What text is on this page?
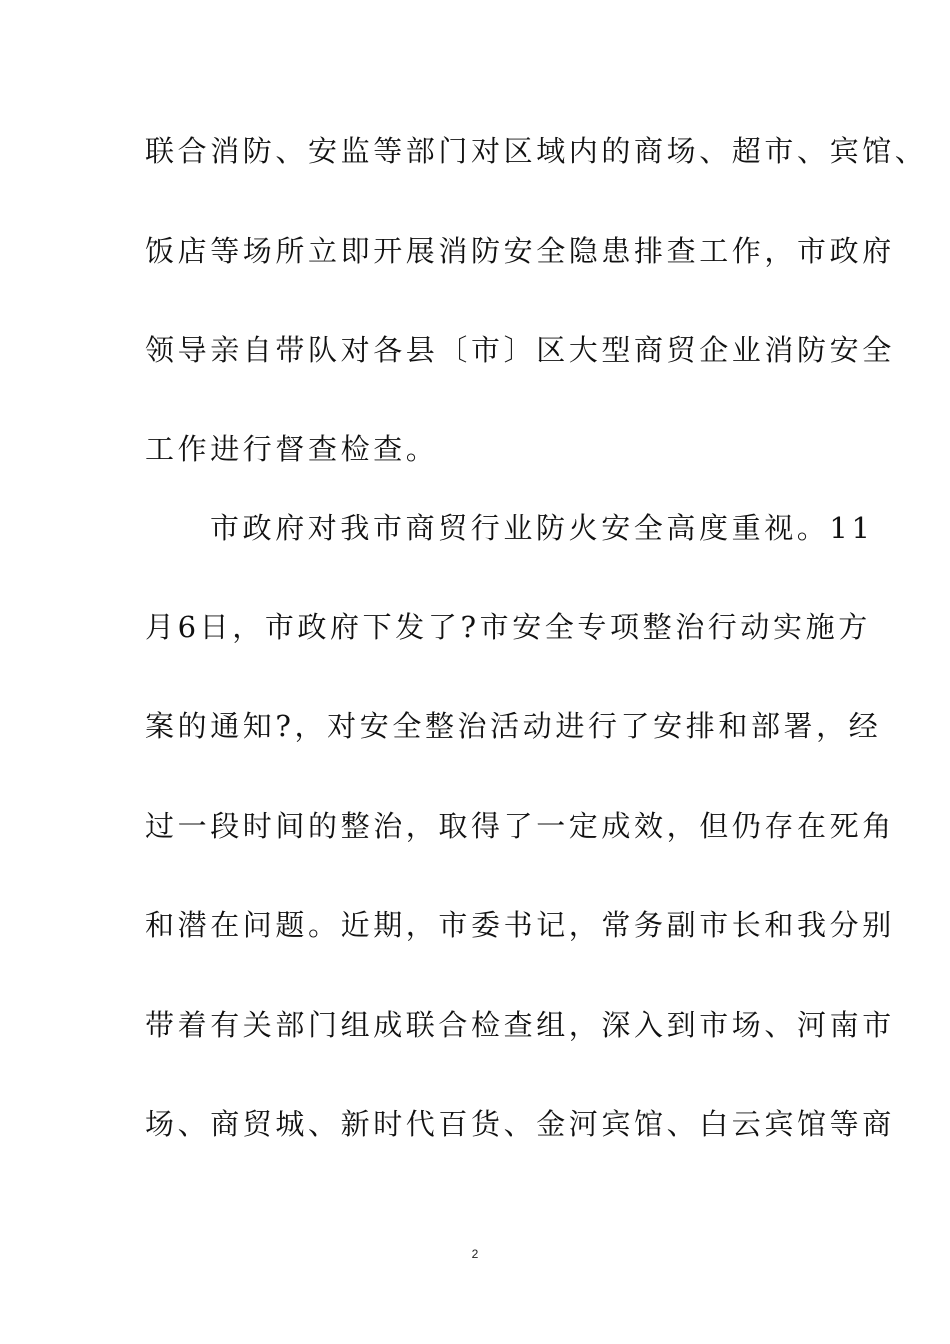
联合消防、安监等部门对区域内的商场、超市、宾馆、
饭店等场所立即开展消防安全隐患排查工作，市政府
领导亲自带队对各县〔市〕区大型商贸企业消防安全
工作进行督查检查。
市政府对我市商贸行业防火安全高度重视。11
月6日，市政府下发了?市安全专项整治行动实施方
案的通知?，对安全整治活动进行了安排和部署，经
过一段时间的整治，取得了一定成效，但仍存在死角
和潜在问题。近期，市委书记，常务副市长和我分别
带着有关部门组成联合检查组，深入到市场、河南市
场、商贸城、新时代百货、金河宾馆、白云宾馆等商
2
